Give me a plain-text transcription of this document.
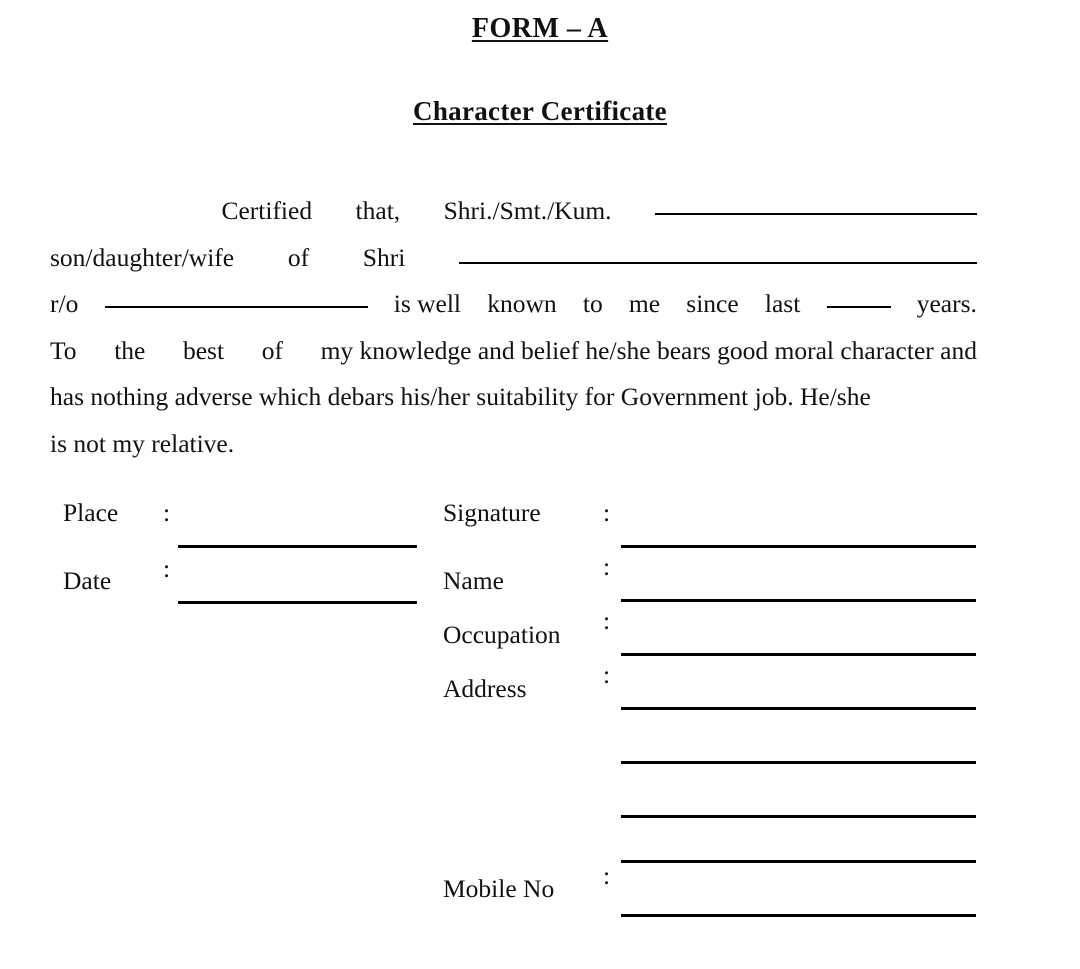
FORM – A
Character Certificate
Certified that, Shri./Smt./Kum.
son/daughter/wife of Shri
r/o	is well known to me since last	years.
To the best of my knowledge and belief he/she bears good moral character and
has nothing adverse which debars his/her suitability for Government job. He/she
is not my relative.
Place :
Date :
Signature :
Name	:
Occupation :
Address	:
Mobile No :
